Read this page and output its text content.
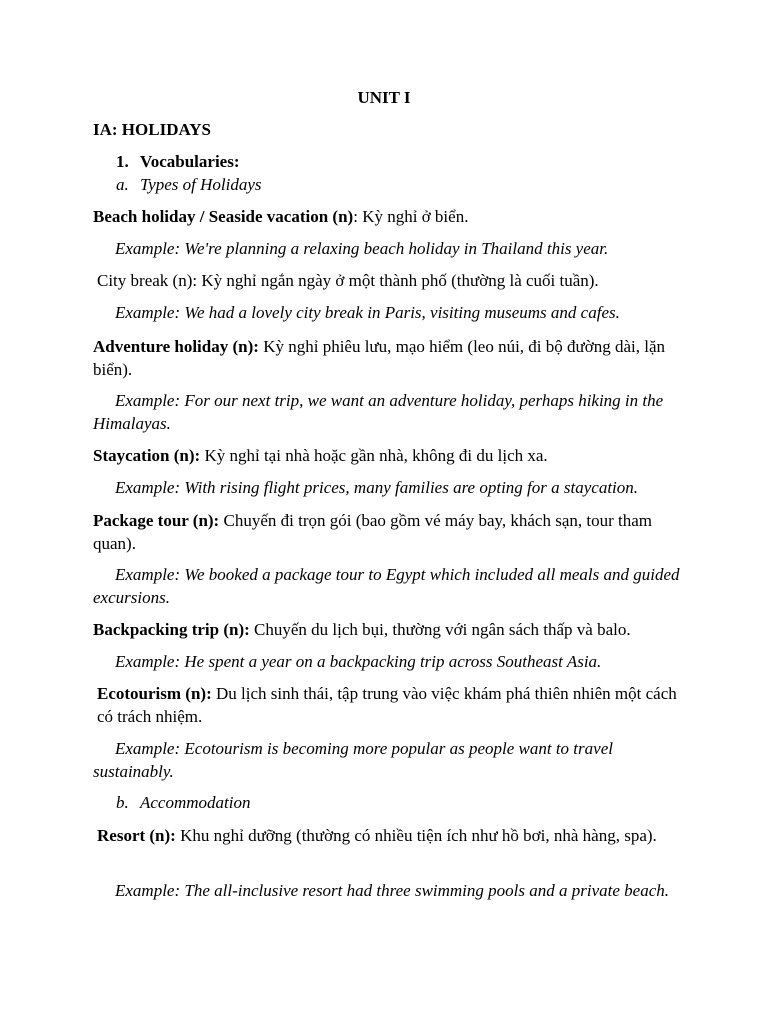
UNIT I
IA: HOLIDAYS
1. Vocabularies:
a. Types of Holidays
Beach holiday / Seaside vacation (n): Kỳ nghỉ ở biển.
Example: We're planning a relaxing beach holiday in Thailand this year.
City break (n): Kỳ nghỉ ngắn ngày ở một thành phố (thường là cuối tuần).
Example: We had a lovely city break in Paris, visiting museums and cafes.
Adventure holiday (n): Kỳ nghỉ phiêu lưu, mạo hiểm (leo núi, đi bộ đường dài, lặn biển).
Example: For our next trip, we want an adventure holiday, perhaps hiking in the Himalayas.
Staycation (n): Kỳ nghỉ tại nhà hoặc gần nhà, không đi du lịch xa.
Example: With rising flight prices, many families are opting for a staycation.
Package tour (n): Chuyến đi trọn gói (bao gồm vé máy bay, khách sạn, tour tham quan).
Example: We booked a package tour to Egypt which included all meals and guided excursions.
Backpacking trip (n): Chuyến du lịch bụi, thường với ngân sách thấp và balo.
Example: He spent a year on a backpacking trip across Southeast Asia.
Ecotourism (n): Du lịch sinh thái, tập trung vào việc khám phá thiên nhiên một cách có trách nhiệm.
Example: Ecotourism is becoming more popular as people want to travel sustainably.
b. Accommodation
Resort (n): Khu nghỉ dưỡng (thường có nhiều tiện ích như hồ bơi, nhà hàng, spa).
Example: The all-inclusive resort had three swimming pools and a private beach.
